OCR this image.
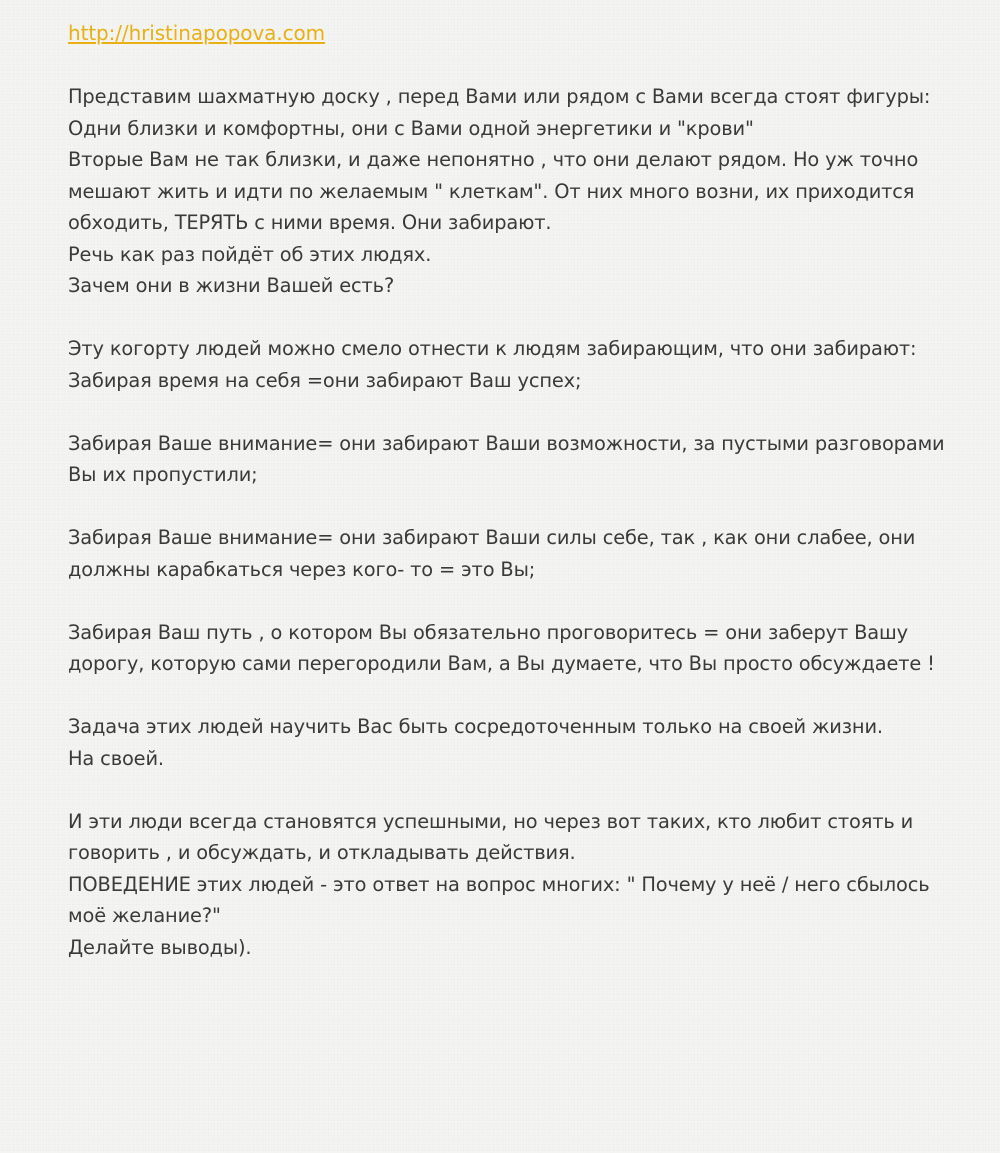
http://hristinapopova.com

Представим шахматную доску , перед Вами или рядом с Вами всегда стоят фигуры:
Одни близки и комфортны, они с Вами одной энергетики и "крови"
Вторые Вам не так близки, и даже непонятно , что они делают рядом. Но уж точно мешают жить и идти по желаемым " клеткам". От них много возни, их приходится обходить, ТЕРЯТЬ с ними время. Они забирают.
Речь как раз пойдёт об этих людях.
Зачем они в жизни Вашей есть?

Эту когорту людей можно смело отнести к людям забирающим, что они забирают:
Забирая время на себя =они забирают Ваш успех;

Забирая Ваше внимание= они забирают Ваши возможности, за пустыми разговорами Вы их пропустили;

Забирая Ваше внимание= они забирают Ваши силы себе, так , как они слабее, они должны карабкаться через кого- то = это Вы;

Забирая Ваш путь , о котором Вы обязательно проговоритесь = они заберут Вашу дорогу, которую сами перегородили Вам, а Вы думаете, что Вы просто обсуждаете !

Задача этих людей научить Вас быть сосредоточенным только на своей жизни.
На своей.

И эти люди всегда становятся успешными, но через вот таких, кто любит стоять и говорить , и обсуждать, и откладывать действия.
ПОВЕДЕНИЕ этих людей - это ответ на вопрос многих: " Почему у неё / него сбылось моё желание?"
Делайте выводы).
